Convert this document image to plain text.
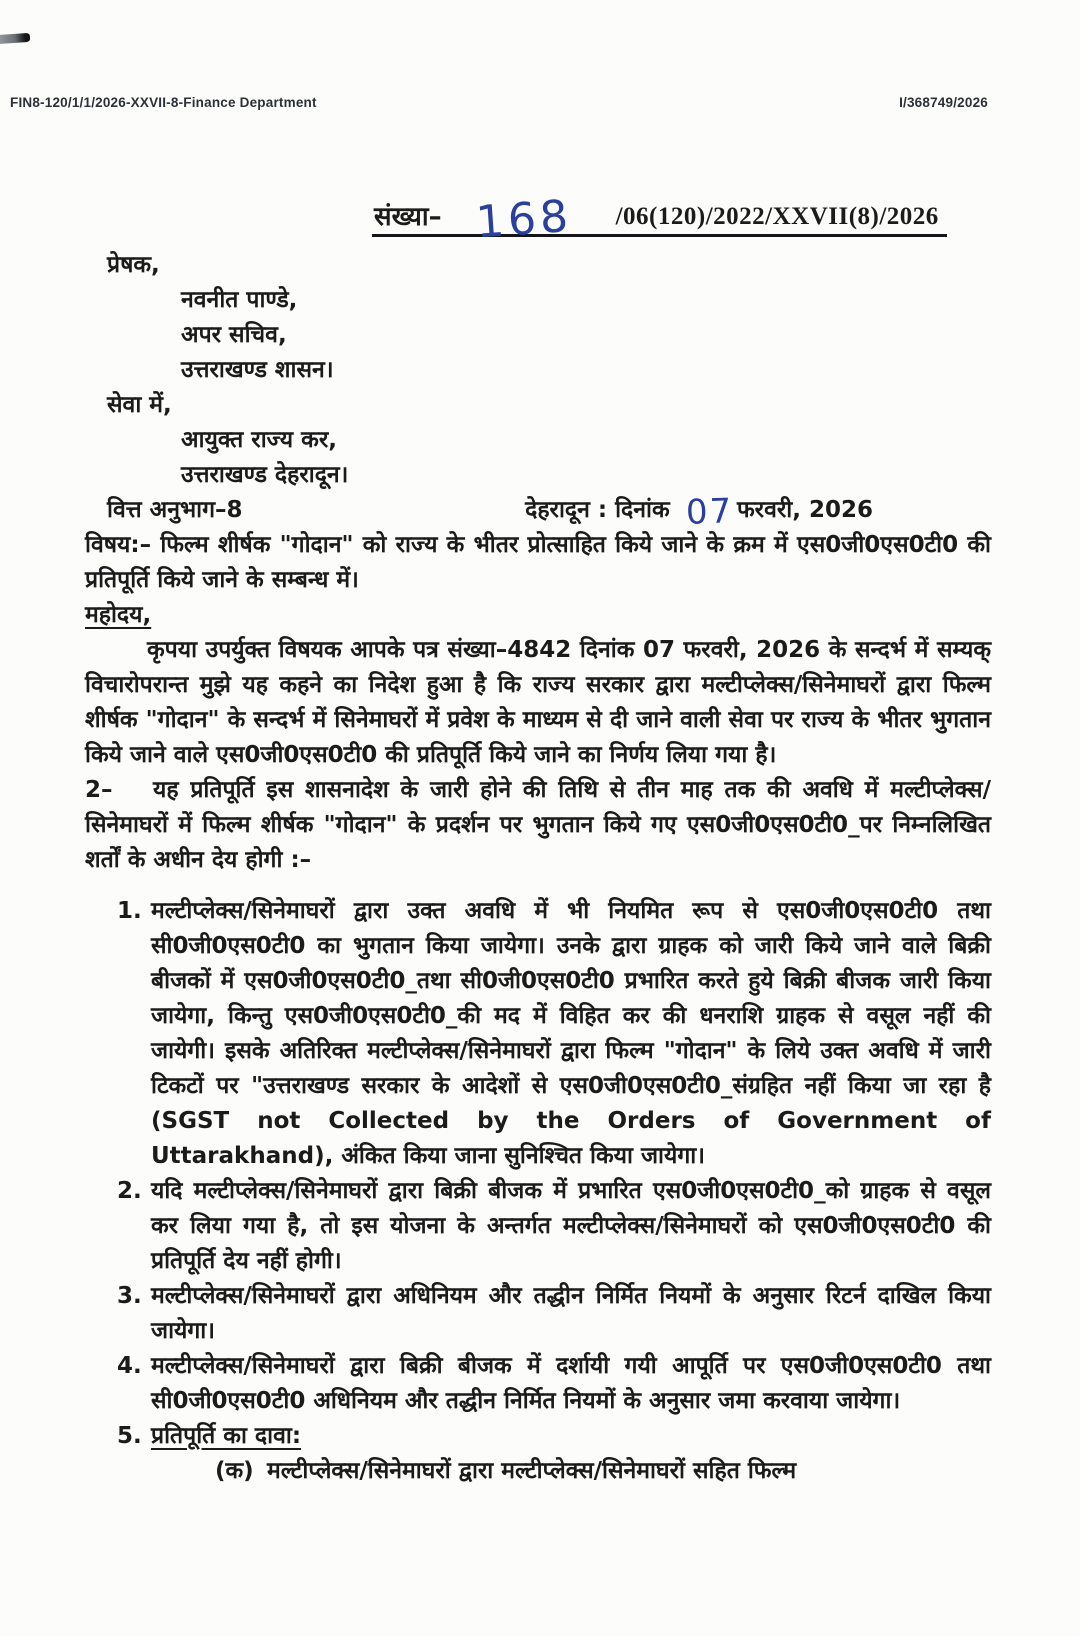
FIN8-120/1/1/2026-XXVII-8-Finance Department	I/368749/2026
संख्या– 168 /06(120)/2022/XXVII(8)/2026
प्रेषक,
नवनीत पाण्डे,
अपर सचिव,
उत्तराखण्ड शासन।
सेवा में,
आयुक्त राज्य कर,
उत्तराखण्ड देहरादून।
वित्त अनुभाग–8	देहरादून : दिनांक 07 फरवरी, 2026

विषय:– फिल्म शीर्षक "गोदान" को राज्य के भीतर प्रोत्साहित किये जाने के क्रम में एस0जी0एस0टी0 की प्रतिपूर्ति किये जाने के सम्बन्ध में।

महोदय,

कृपया उपर्युक्त विषयक आपके पत्र संख्या–4842 दिनांक 07 फरवरी, 2026 के सन्दर्भ में सम्यक् विचारोपरान्त मुझे यह कहने का निदेश हुआ है कि राज्य सरकार द्वारा मल्टीप्लेक्स/सिनेमाघरों द्वारा फिल्म शीर्षक "गोदान" के सन्दर्भ में सिनेमाघरों में प्रवेश के माध्यम से दी जाने वाली सेवा पर राज्य के भीतर भुगतान किये जाने वाले एस0जी0एस0टी0 की प्रतिपूर्ति किये जाने का निर्णय लिया गया है।

2– यह प्रतिपूर्ति इस शासनादेश के जारी होने की तिथि से तीन माह तक की अवधि में मल्टीप्लेक्स/सिनेमाघरों में फिल्म शीर्षक "गोदान" के प्रदर्शन पर भुगतान किये गए एस0जी0एस0टी0_पर निम्नलिखित शर्तों के अधीन देय होगी :–

1. मल्टीप्लेक्स/सिनेमाघरों द्वारा उक्त अवधि में भी नियमित रूप से एस0जी0एस0टी0 तथा सी0जी0एस0टी0 का भुगतान किया जायेगा। उनके द्वारा ग्राहक को जारी किये जाने वाले बिक्री बीजकों में एस0जी0एस0टी0_तथा सी0जी0एस0टी0 प्रभारित करते हुये बिक्री बीजक जारी किया जायेगा, किन्तु एस0जी0एस0टी0_की मद में विहित कर की धनराशि ग्राहक से वसूल नहीं की जायेगी। इसके अतिरिक्त मल्टीप्लेक्स/सिनेमाघरों द्वारा फिल्म "गोदान" के लिये उक्त अवधि में जारी टिकटों पर "उत्तराखण्ड सरकार के आदेशों से एस0जी0एस0टी0_संग्रहित नहीं किया जा रहा है (SGST not Collected by the Orders of Government of Uttarakhand), अंकित किया जाना सुनिश्चित किया जायेगा।
2. यदि मल्टीप्लेक्स/सिनेमाघरों द्वारा बिक्री बीजक में प्रभारित एस0जी0एस0टी0_को ग्राहक से वसूल कर लिया गया है, तो इस योजना के अन्तर्गत मल्टीप्लेक्स/सिनेमाघरों को एस0जी0एस0टी0 की प्रतिपूर्ति देय नहीं होगी।
3. मल्टीप्लेक्स/सिनेमाघरों द्वारा अधिनियम और तद्धीन निर्मित नियमों के अनुसार रिटर्न दाखिल किया जायेगा।
4. मल्टीप्लेक्स/सिनेमाघरों द्वारा बिक्री बीजक में दर्शायी गयी आपूर्ति पर एस0जी0एस0टी0 तथा सी0जी0एस0टी0 अधिनियम और तद्धीन निर्मित नियमों के अनुसार जमा करवाया जायेगा।
5. प्रतिपूर्ति का दावा:
(क) मल्टीप्लेक्स/सिनेमाघरों द्वारा मल्टीप्लेक्स/सिनेमाघरों सहित फिल्म
